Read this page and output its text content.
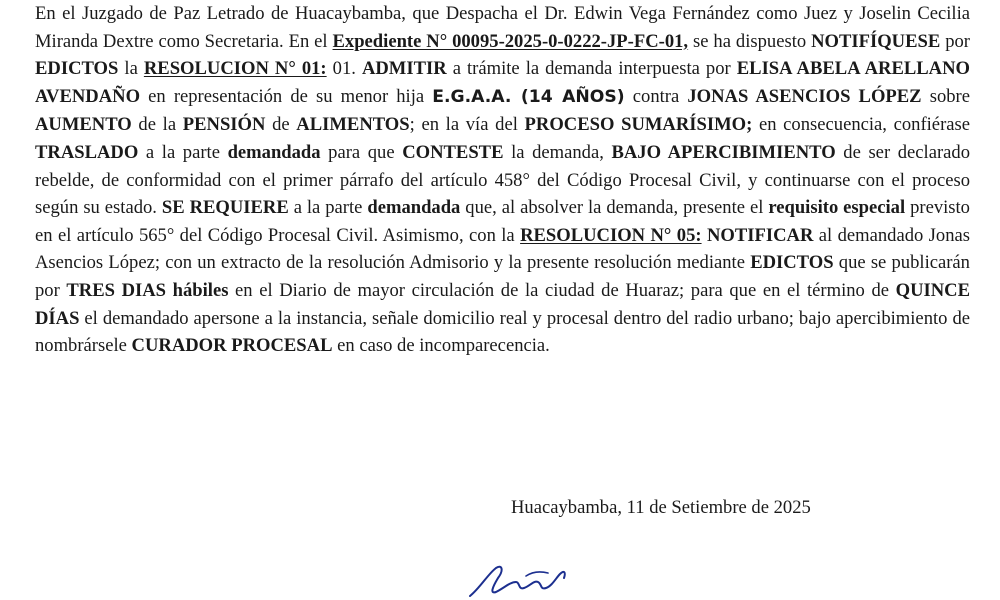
En el Juzgado de Paz Letrado de Huacaybamba, que Despacha el Dr. Edwin Vega Fernández como Juez y Joselin Cecilia Miranda Dextre como Secretaria. En el Expediente N° 00095-2025-0-0222-JP-FC-01, se ha dispuesto NOTIFÍQUESE por EDICTOS la RESOLUCION N° 01: 01. ADMITIR a trámite la demanda interpuesta por ELISA ABELA ARELLANO AVENDAÑO en representación de su menor hija E.G.A.A. (14 AÑOS) contra JONAS ASENCIOS LÓPEZ sobre AUMENTO de la PENSIÓN de ALIMENTOS; en la vía del PROCESO SUMARÍSIMO; en consecuencia, confiérase TRASLADO a la parte demandada para que CONTESTE la demanda, BAJO APERCIBIMIENTO de ser declarado rebelde, de conformidad con el primer párrafo del artículo 458° del Código Procesal Civil, y continuarse con el proceso según su estado. SE REQUIERE a la parte demandada que, al absolver la demanda, presente el requisito especial previsto en el artículo 565° del Código Procesal Civil. Asimismo, con la RESOLUCION N° 05: NOTIFICAR al demandado Jonas Asencios López; con un extracto de la resolución Admisorio y la presente resolución mediante EDICTOS que se publicarán por TRES DIAS hábiles en el Diario de mayor circulación de la ciudad de Huaraz; para que en el término de QUINCE DÍAS el demandado apersone a la instancia, señale domicilio real y procesal dentro del radio urbano; bajo apercibimiento de nombrársele CURADOR PROCESAL en caso de incomparecencia.

Huacaybamba, 11 de Setiembre de 2025
